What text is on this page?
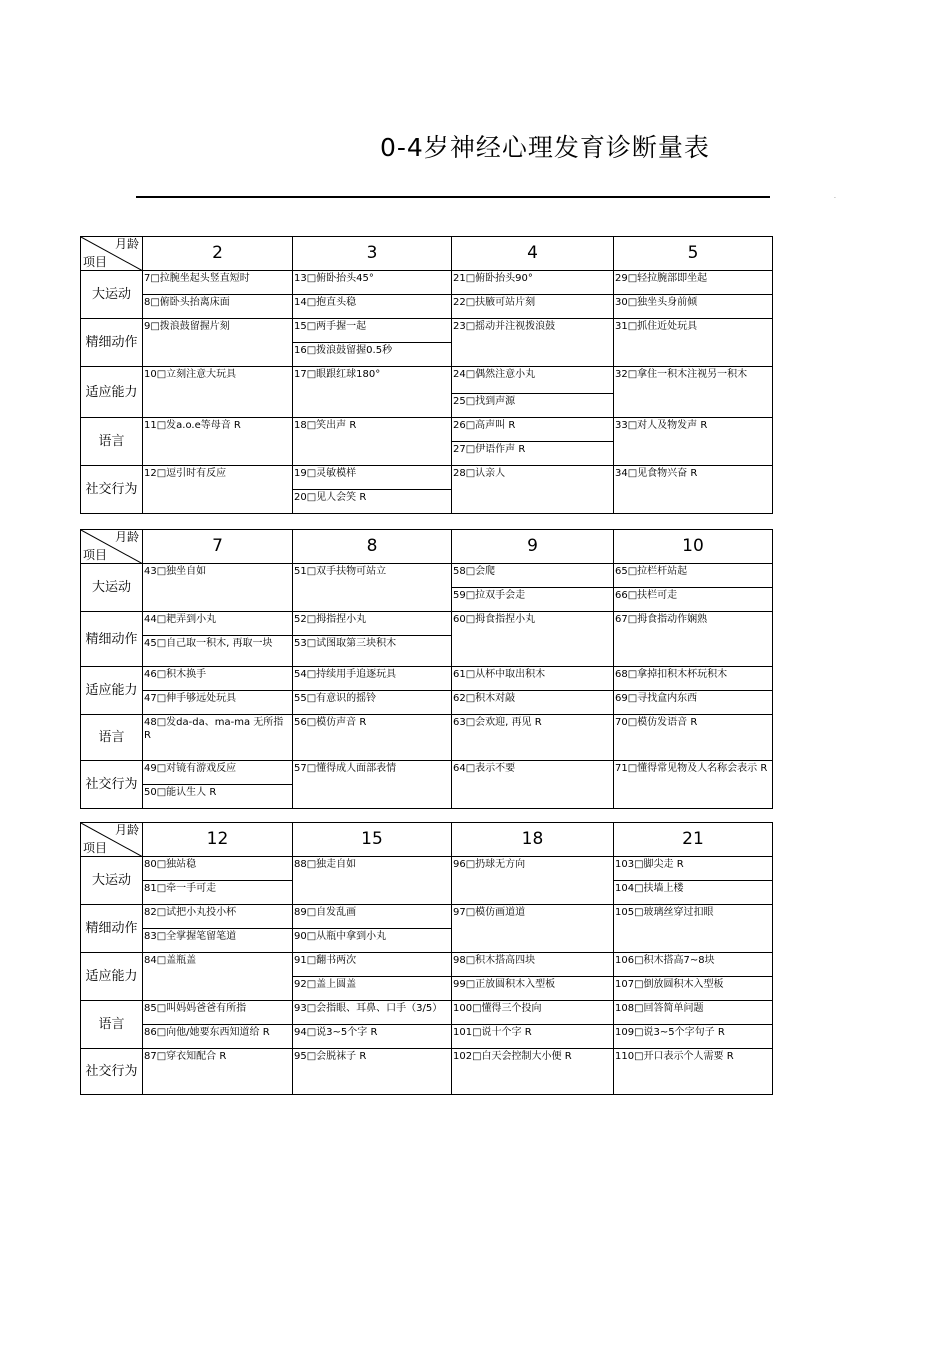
0-4岁神经心理发育诊断量表
.
月龄
项目	2	3	4	5
大运动	7□拉腕坐起头竖直短时	13□俯卧抬头45°	21□俯卧抬头90°	29□轻拉腕部即坐起
	8□俯卧头抬离床面	14□抱直头稳	22□扶腋可站片刻	30□独坐头身前倾
精细动作	9□拨浪鼓留握片刻	15□两手握一起	23□摇动并注视拨浪鼓	31□抓住近处玩具
		16□拨浪鼓留握0.5秒		
适应能力	10□立刻注意大玩具	17□眼跟红球180°	24□偶然注意小丸	32□拿住一积木注视另一积木
			25□找到声源	
语言	11□发a.o.e等母音 R	18□笑出声 R	26□高声叫 R	33□对人及物发声 R
			27□伊语作声 R	
社交行为	12□逗引时有反应	19□灵敏模样	28□认亲人	34□见食物兴奋 R
		20□见人会笑 R		
月龄
项目	7	8	9	10
大运动	43□独坐自如	51□双手扶物可站立	58□会爬	65□拉栏杆站起
			59□拉双手会走	66□扶栏可走
精细动作	44□耙弄到小丸	52□拇指捏小丸	60□拇食指捏小丸	67□拇食指动作娴熟
	45□自己取一积木, 再取一块	53□试图取第三块积木		
适应能力	46□积木换手	54□持续用手追逐玩具	61□从杯中取出积木	68□拿掉扣积木杯玩积木
	47□伸手够远处玩具	55□有意识的摇铃	62□积木对敲	69□寻找盒内东西
语言	48□发da-da、ma-ma 无所指 R	56□模仿声音 R	63□会欢迎, 再见 R	70□模仿发语音 R

社交行为	49□对镜有游戏反应	57□懂得成人面部表情	64□表示不要	71□懂得常见物及人名称会表示 R
	50□能认生人 R			
月龄
项目	12	15	18	21
大运动	80□独站稳	88□独走自如	96□扔球无方向	103□脚尖走 R
	81□牵一手可走			104□扶墙上楼
精细动作	82□试把小丸投小杯	89□自发乱画	97□模仿画道道	105□玻璃丝穿过扣眼
	83□全掌握笔留笔道	90□从瓶中拿到小丸		
适应能力	84□盖瓶盖	91□翻书两次	98□积木搭高四块	106□积木搭高7~8块
		92□盖上圆盖	99□正放圆积木入型板	107□倒放圆积木入型板
语言	85□叫妈妈爸爸有所指	93□会指眼、耳鼻、口手（3/5）	100□懂得三个投向	108□回答简单问题
	86□向他/她要东西知道给 R	94□说3~5个字 R	101□说十个字 R	109□说3~5个字句子 R
社交行为	87□穿衣知配合 R	95□会脱袜子 R	102□白天会控制大小便 R	110□开口表示个人需要 R
